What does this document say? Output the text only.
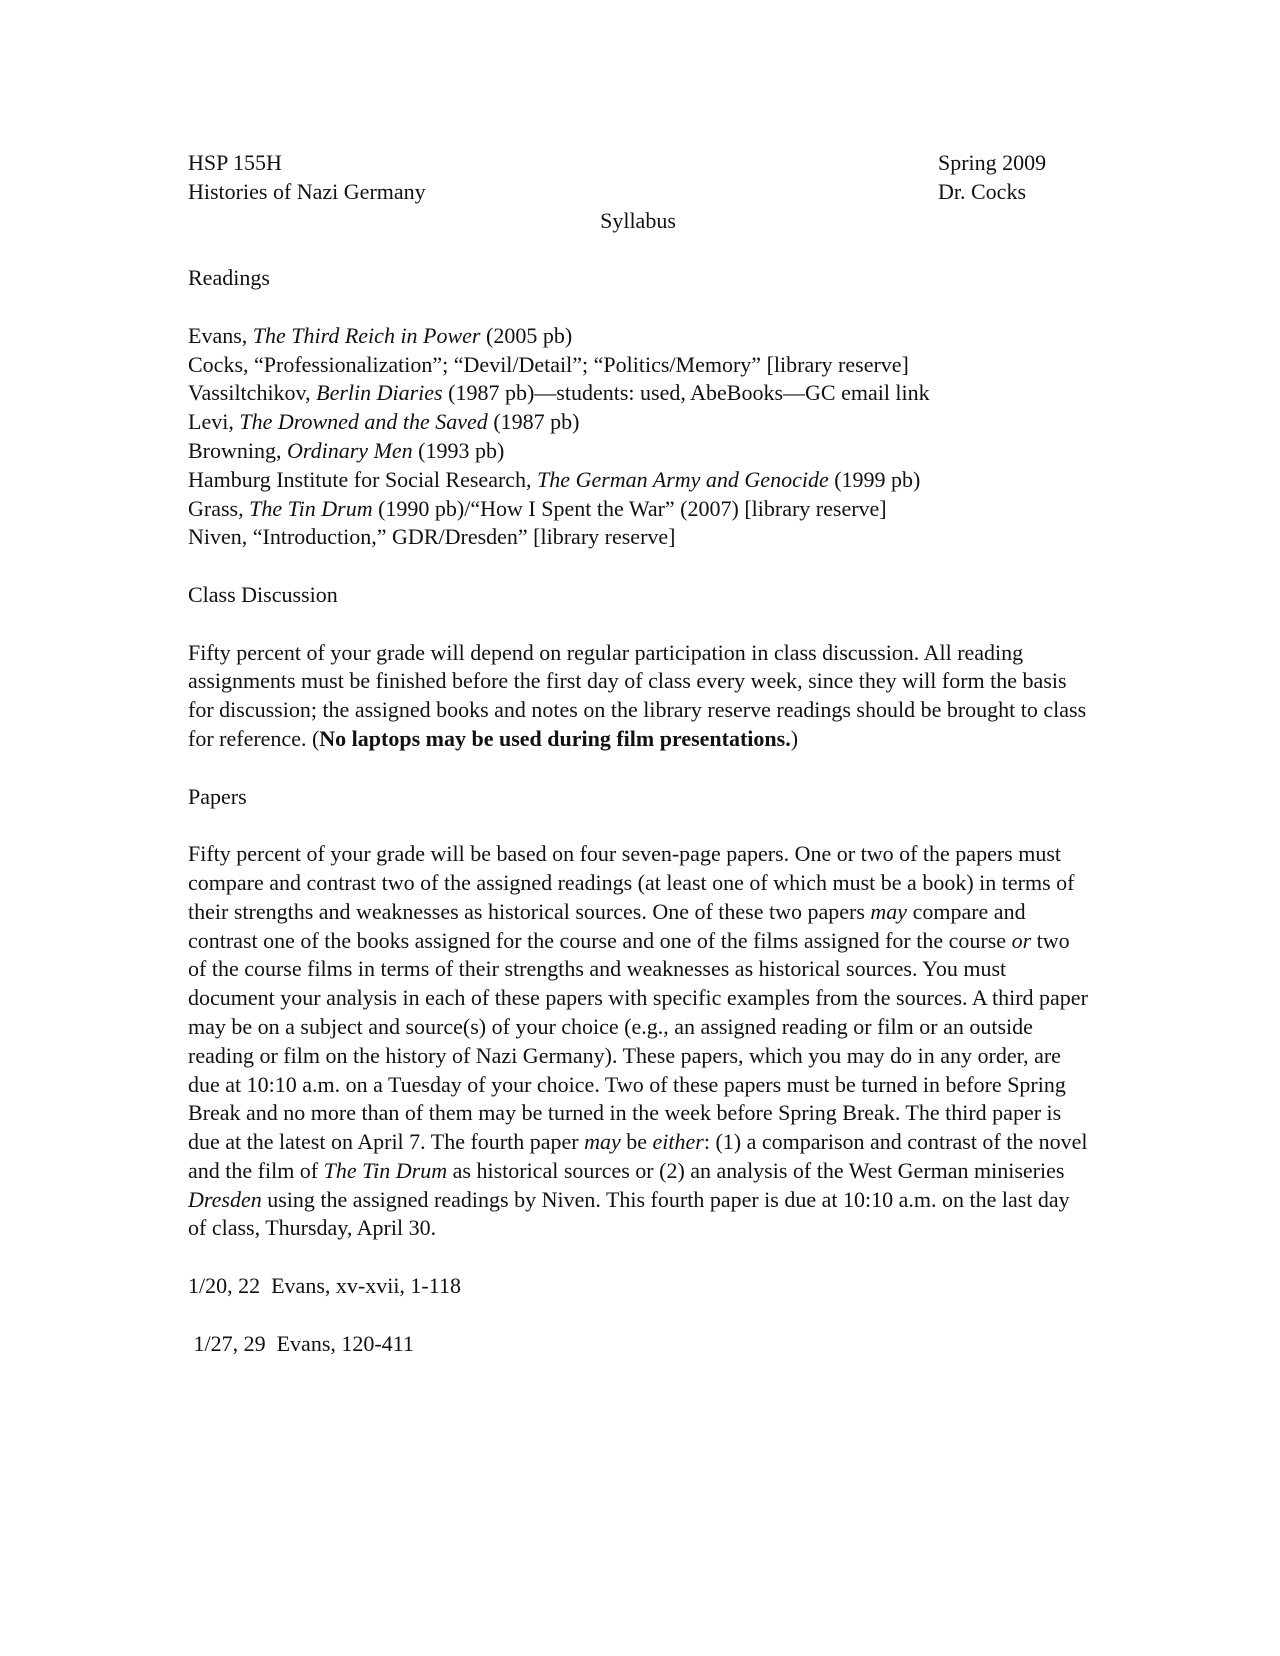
HSP 155H	Spring 2009
Histories of Nazi Germany	Dr. Cocks
Syllabus
Readings
Evans, The Third Reich in Power (2005 pb)
Cocks, “Professionalization”; “Devil/Detail”; “Politics/Memory” [library reserve]
Vassiltchikov, Berlin Diaries (1987 pb)—students: used, AbeBooks—GC email link
Levi, The Drowned and the Saved (1987 pb)
Browning, Ordinary Men (1993 pb)
Hamburg Institute for Social Research, The German Army and Genocide (1999 pb)
Grass, The Tin Drum (1990 pb)/“How I Spent the War” (2007) [library reserve]
Niven, “Introduction,” GDR/Dresden” [library reserve]
Class Discussion

Fifty percent of your grade will depend on regular participation in class discussion. All reading assignments must be finished before the first day of class every week, since they will form the basis for discussion; the assigned books and notes on the library reserve readings should be brought to class for reference. (No laptops may be used during film presentations.)

Papers

Fifty percent of your grade will be based on four seven-page papers. One or two of the papers must compare and contrast two of the assigned readings (at least one of which must be a book) in terms of their strengths and weaknesses as historical sources. One of these two papers may compare and contrast one of the books assigned for the course and one of the films assigned for the course or two of the course films in terms of their strengths and weaknesses as historical sources. You must document your analysis in each of these papers with specific examples from the sources. A third paper may be on a subject and source(s) of your choice (e.g., an assigned reading or film or an outside reading or film on the history of Nazi Germany). These papers, which you may do in any order, are due at 10:10 a.m. on a Tuesday of your choice. Two of these papers must be turned in before Spring Break and no more than of them may be turned in the week before Spring Break. The third paper is due at the latest on April 7. The fourth paper may be either: (1) a comparison and contrast of the novel and the film of The Tin Drum as historical sources or (2) an analysis of the West German miniseries Dresden using the assigned readings by Niven. This fourth paper is due at 10:10 a.m. on the last day of class, Thursday, April 30.

1/20, 22  Evans, xv-xvii, 1-118
1/27, 29  Evans, 120-411
